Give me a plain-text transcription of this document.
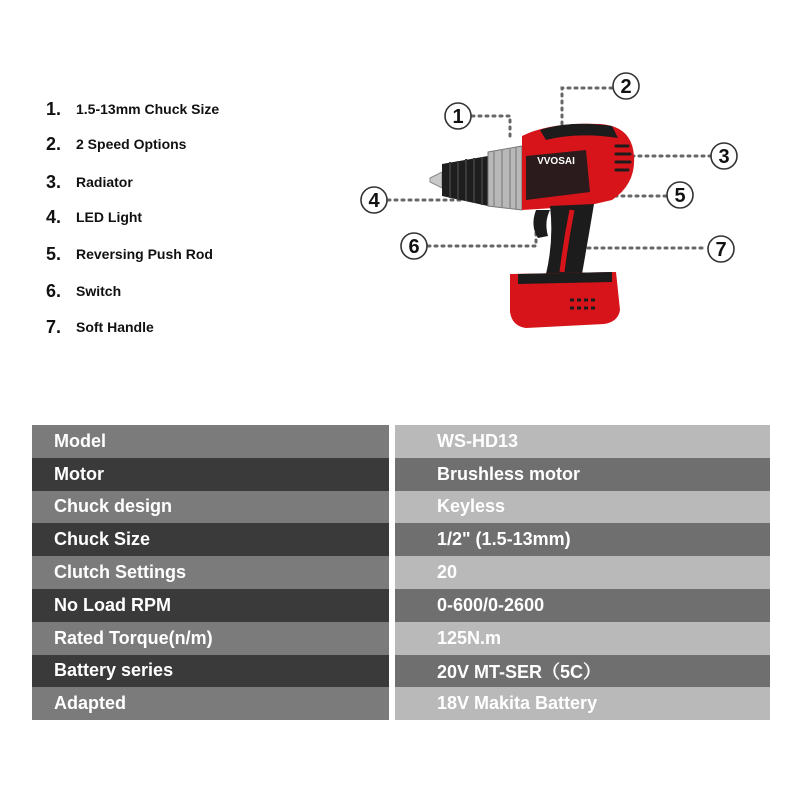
1.	1.5-13mm Chuck Size
2.	2 Speed Options
3.	Radiator
4.	LED Light
5.	Reversing Push Rod
6.	Switch
7.	Soft Handle
VVOSAI
1
2
3
4	5
6	7
Model	WS-HD13
Motor	Brushless motor
Chuck design	Keyless
Chuck Size	1/2" (1.5-13mm)
Clutch Settings	20
No Load RPM	0-600/0-2600
Rated Torque(n/m)	125N.m
Battery series	20V MT-SER（5C）
Adapted	18V Makita Battery
